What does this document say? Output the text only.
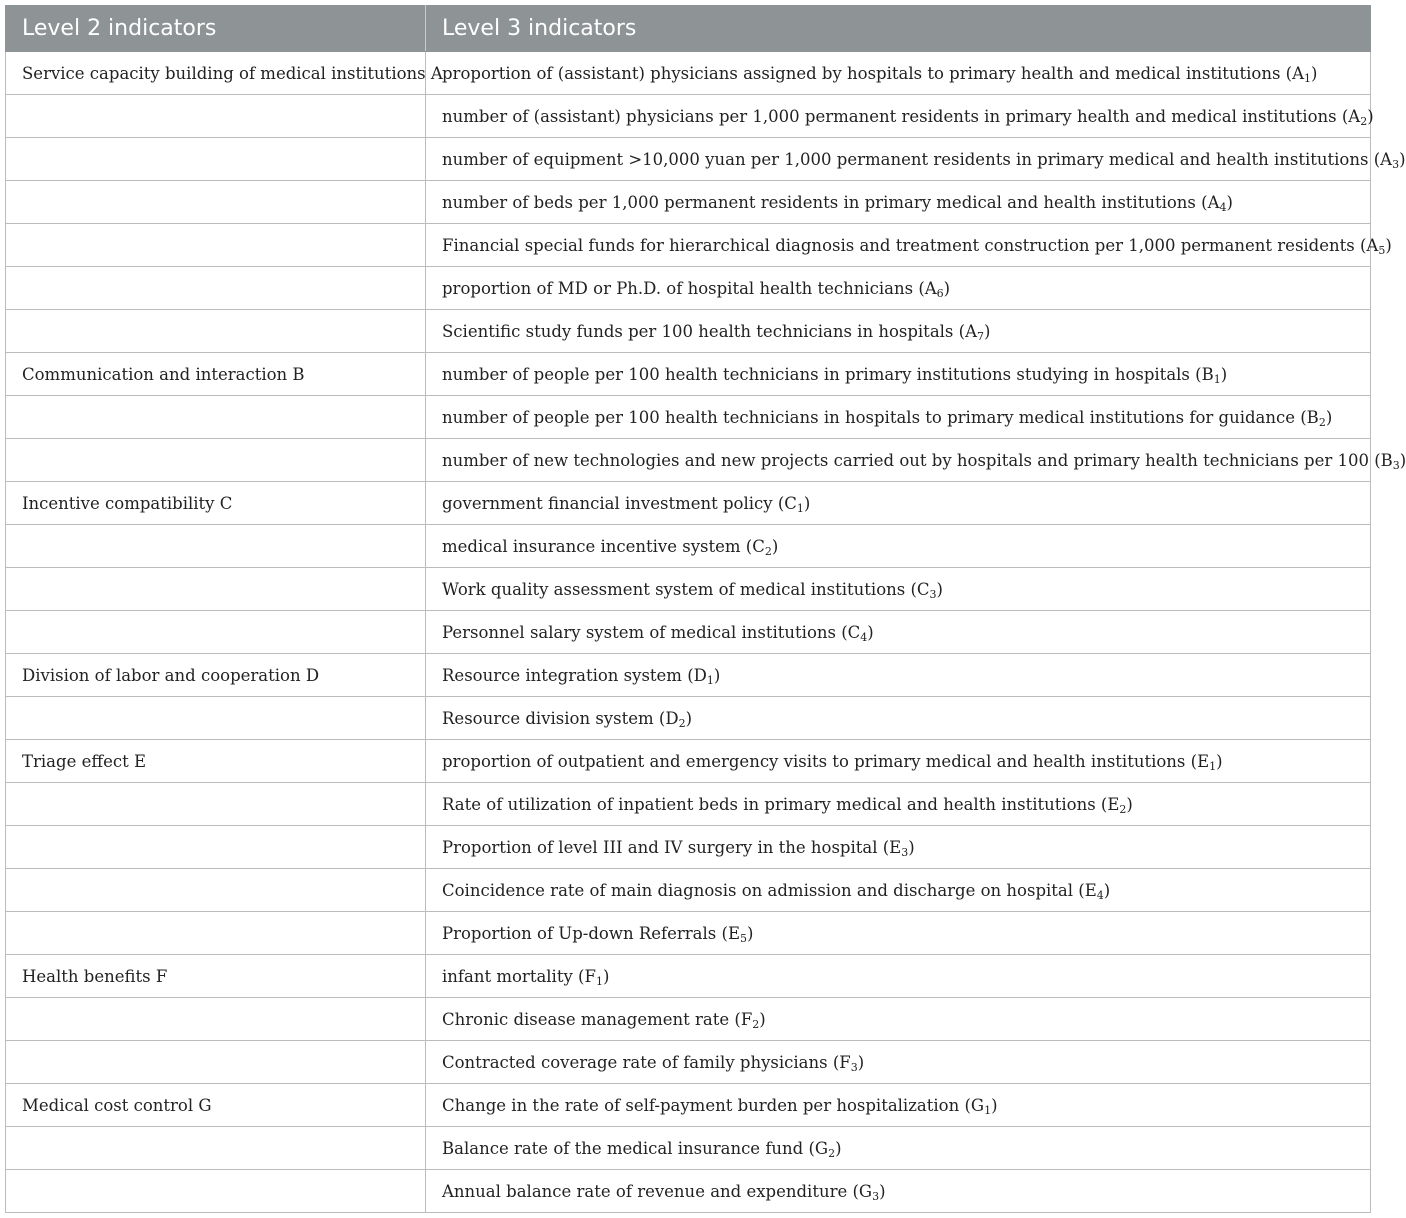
Level 2 indicators	Level 3 indicators
Service capacity building of medical institutions A	proportion of (assistant) physicians assigned by hospitals to primary health and medical institutions $(A_1)$
	number of (assistant) physicians per 1,000 permanent residents in primary health and medical institutions $(A_2)$
	number of equipment >10,000 yuan per 1,000 permanent residents in primary medical and health institutions $(A_3)$
	number of beds per 1,000 permanent residents in primary medical and health institutions $(A_4)$
	Financial special funds for hierarchical diagnosis and treatment construction per 1,000 permanent residents $(A_5)$
	proportion of MD or Ph.D. of hospital health technicians $(A_6)$
	Scientific study funds per 100 health technicians in hospitals $(A_7)$
Communication and interaction B	number of people per 100 health technicians in primary institutions studying in hospitals $(B_1)$
	number of people per 100 health technicians in hospitals to primary medical institutions for guidance $(B_2)$
	number of new technologies and new projects carried out by hospitals and primary health technicians per 100 $(B_3)$
Incentive compatibility C	government financial investment policy $(C_1)$
	medical insurance incentive system $(C_2)$
	Work quality assessment system of medical institutions $(C_3)$
	Personnel salary system of medical institutions $(C_4)$
Division of labor and cooperation D	Resource integration system $(D_1)$
	Resource division system $(D_2)$
Triage effect E	proportion of outpatient and emergency visits to primary medical and health institutions $(E_1)$
	Rate of utilization of inpatient beds in primary medical and health institutions $(E_2)$
	Proportion of level III and IV surgery in the hospital $(E_3)$
	Coincidence rate of main diagnosis on admission and discharge on hospital $(E_4)$
	Proportion of Up-down Referrals $(E_5)$
Health benefits F	infant mortality $(F_1)$
	Chronic disease management rate $(F_2)$
	Contracted coverage rate of family physicians $(F_3)$
Medical cost control G	Change in the rate of self-payment burden per hospitalization $(G_1)$
	Balance rate of the medical insurance fund $(G_2)$
	Annual balance rate of revenue and expenditure $(G_3)$
